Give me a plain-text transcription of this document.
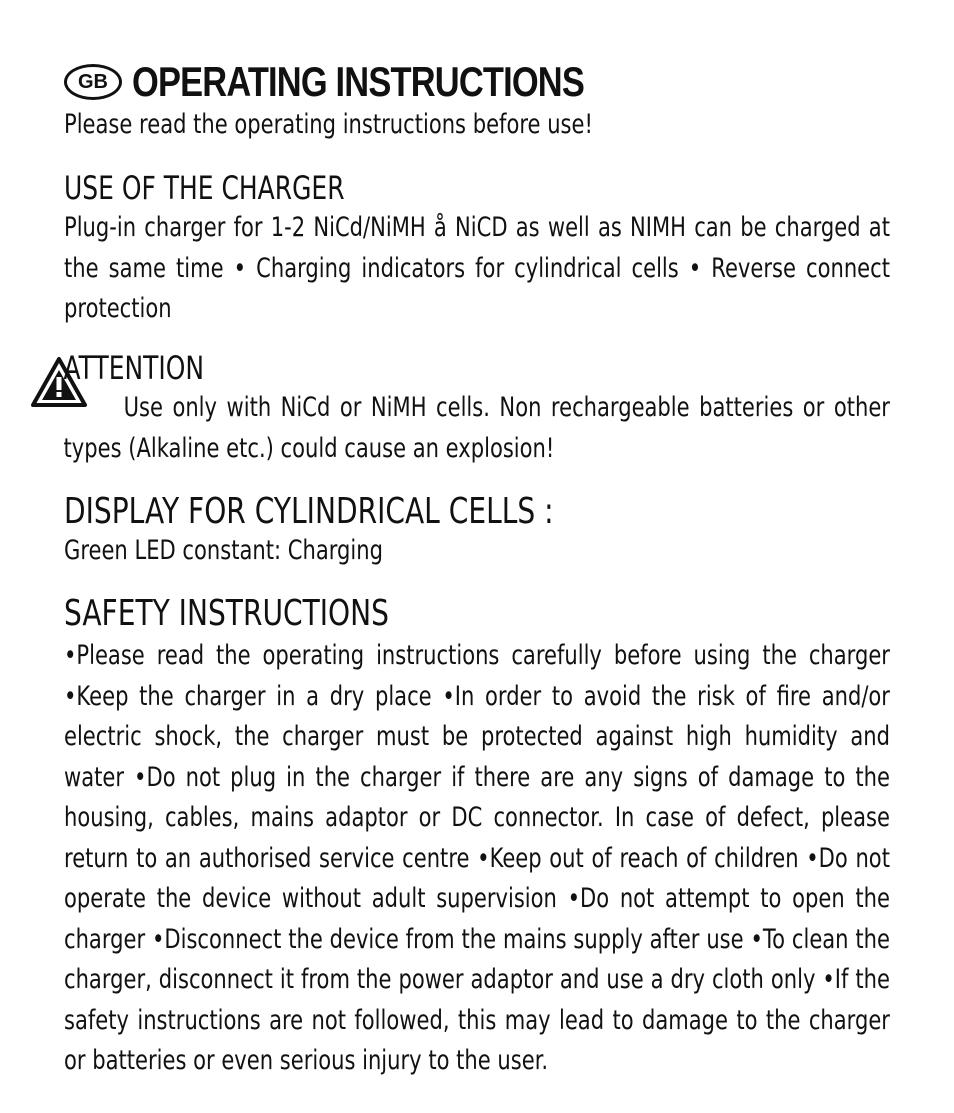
GB OPERATING INSTRUCTIONS
Please read the operating instructions before use!
USE OF THE CHARGER
Plug-in charger for 1-2 NiCd/NiMH å NiCD as well as NIMH can be charged at the same time • Charging indicators for cylindrical cells • Reverse connect protection
ATTENTION
Use only with NiCd or NiMH cells. Non rechargeable batteries or other types (Alkaline etc.) could cause an explosion!
DISPLAY FOR CYLINDRICAL CELLS :
Green LED constant: Charging
SAFETY INSTRUCTIONS
•Please read the operating instructions carefully before using the charger •Keep the charger in a dry place •In order to avoid the risk of fire and/or electric shock, the charger must be protected against high humidity and water •Do not plug in the charger if there are any signs of damage to the housing, cables, mains adaptor or DC connector. In case of defect, please return to an authorised service centre •Keep out of reach of children •Do not operate the device without adult supervision •Do not attempt to open the charger •Disconnect the device from the mains supply after use •To clean the charger, disconnect it from the power adaptor and use a dry cloth only •If the safety instructions are not followed, this may lead to damage to the charger or batteries or even serious injury to the user.
